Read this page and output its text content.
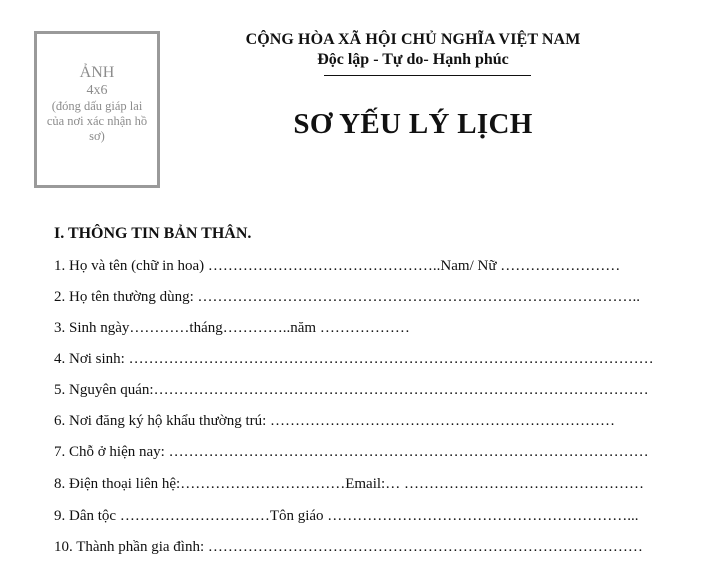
ẢNH
4x6
(đóng dấu giáp lai của nơi xác nhận hồ sơ)
CỘNG HÒA XÃ HỘI CHỦ NGHĨA VIỆT NAM
Độc lập - Tự do- Hạnh phúc
SƠ YẾU LÝ LỊCH
I. THÔNG TIN BẢN THÂN.
1. Họ và tên (chữ in hoa) ………………………………………..Nam/ Nữ ……………………
2. Họ tên thường dùng: ……………………………………………………………………………..
3. Sinh ngày…………tháng…………..năm ………………
4. Nơi sinh: ……………………………………………………………………………………………
5. Nguyên quán:………………………………………………………………………………………
6. Nơi đăng ký hộ khẩu thường trú: ……………………………………………………………
7. Chỗ ở hiện nay: ……………………………………………………………………………………
8. Điện thoại liên hệ:……………………………Email:… …………………………………………
9. Dân tộc …………………………Tôn giáo ……………………………………………………...
10. Thành phần gia đình: ……………………………………………………………………………
